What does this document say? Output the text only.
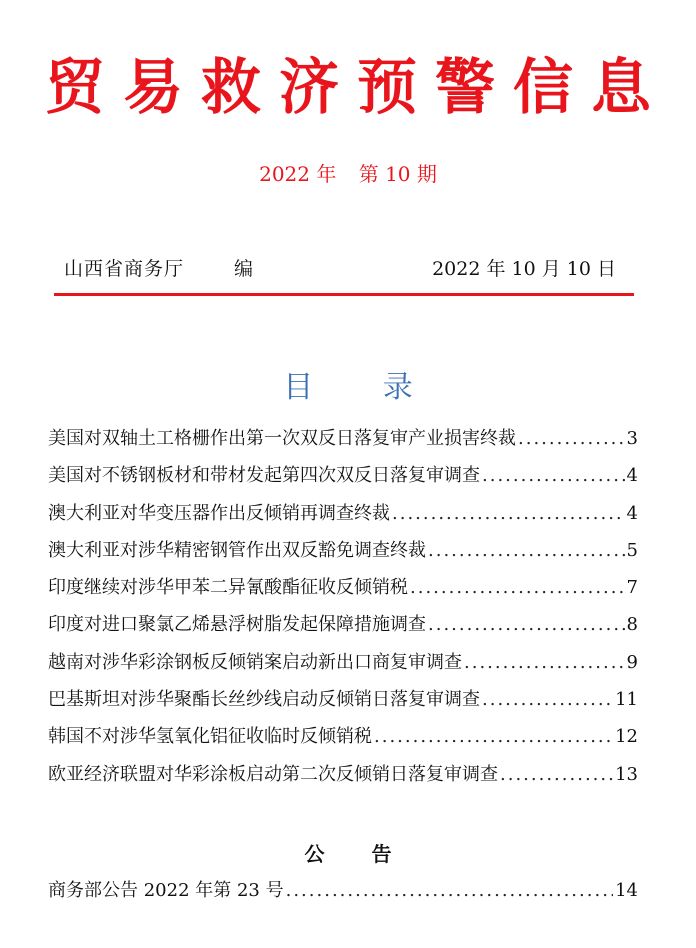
贸易救济预警信息
2022 年 第 10 期
山西省商务厅	编	2022 年 10 月 10 日
目 录
美国对双轴土工格栅作出第一次双反日落复审产业损害终裁 .....	3
美国对不锈钢板材和带材发起第四次双反日落复审调查 .....	4
澳大利亚对华变压器作出反倾销再调查终裁 .....	4
澳大利亚对涉华精密钢管作出双反豁免调查终裁 .....	5
印度继续对涉华甲苯二异氰酸酯征收反倾销税 .....	7
印度对进口聚氯乙烯悬浮树脂发起保障措施调查 .....	8
越南对涉华彩涂钢板反倾销案启动新出口商复审调查 .....	9
巴基斯坦对涉华聚酯长丝纱线启动反倾销日落复审调查 .....	11
韩国不对涉华氢氧化铝征收临时反倾销税 .....	12
欧亚经济联盟对华彩涂板启动第二次反倾销日落复审调查 .....	13
公 告
商务部公告 2022 年第 23 号 .....	14
